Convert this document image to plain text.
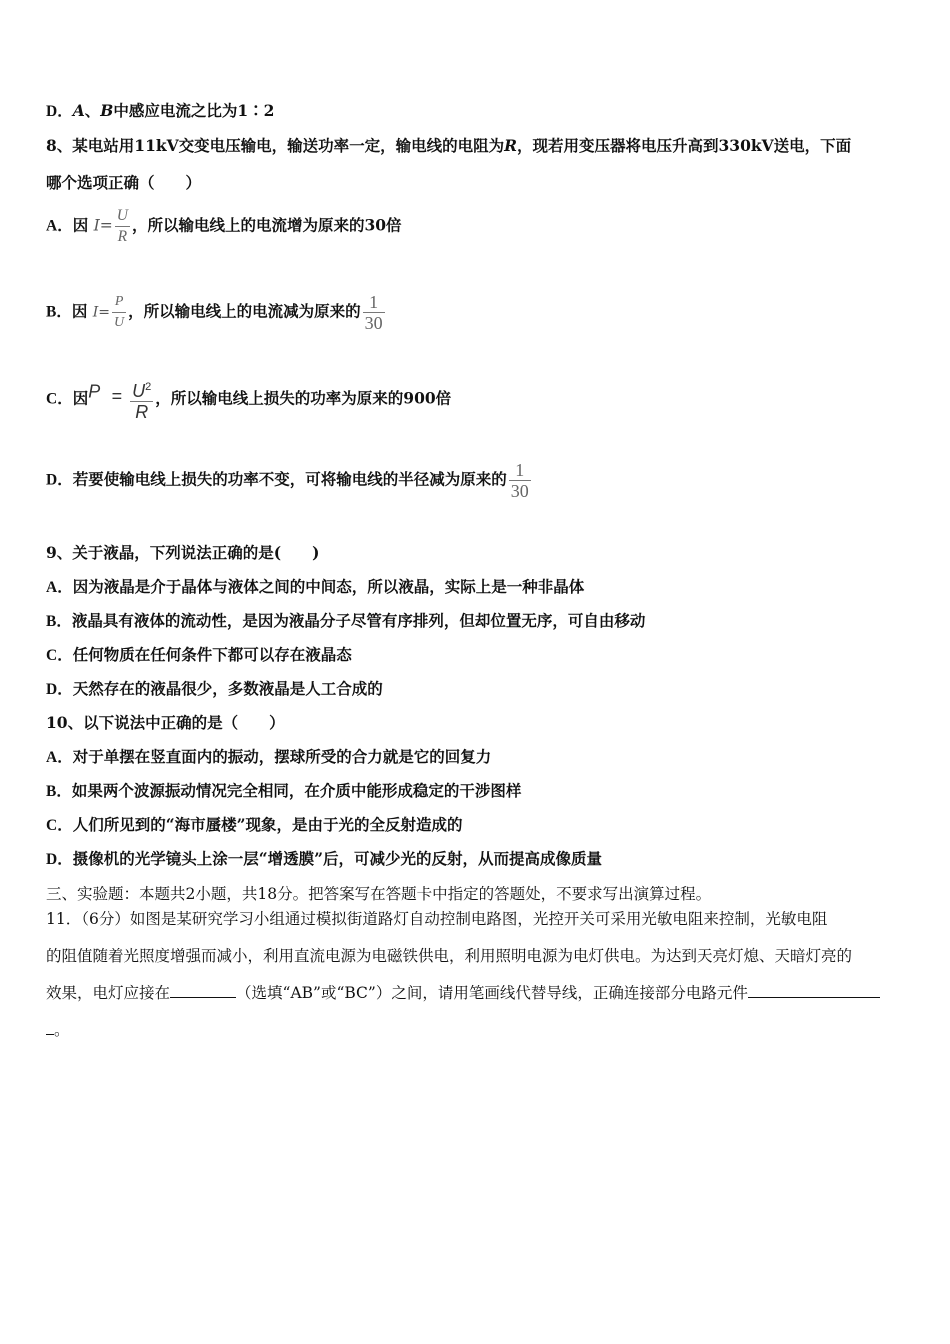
D．A、B中感应电流之比为1∶2
8、某电站用11kV交变电压输电，输送功率一定，输电线的电阻为R，现若用变压器将电压升高到330kV送电，下面
哪个选项正确（　　）
A．因 $I= \frac{U}{R}$ ，所以输电线上的电流增为原来的30倍
B．因 $I= \frac{P}{U}$ ，所以输电线上的电流减为原来的 $\frac{1}{30}$
C．因$P = \frac{U^2}{R}$ ，所以输电线上损失的功率为原来的900倍
D．若要使输电线上损失的功率不变，可将输电线的半径减为原来的 $\frac{1}{30}$
9、关于液晶，下列说法正确的是(　　)
A．因为液晶是介于晶体与液体之间的中间态，所以液晶，实际上是一种非晶体
B．液晶具有液体的流动性，是因为液晶分子尽管有序排列，但却位置无序，可自由移动
C．任何物质在任何条件下都可以存在液晶态
D．天然存在的液晶很少，多数液晶是人工合成的
10、以下说法中正确的是（　　）
A．对于单摆在竖直面内的振动，摆球所受的合力就是它的回复力
B．如果两个波源振动情况完全相同，在介质中能形成稳定的干涉图样
C．人们所见到的“海市蜃楼”现象，是由于光的全反射造成的
D．摄像机的光学镜头上涂一层“增透膜”后，可减少光的反射，从而提高成像质量
三、实验题：本题共2小题，共18分。把答案写在答题卡中指定的答题处，不要求写出演算过程。
11．（6分）如图是某研究学习小组通过模拟街道路灯自动控制电路图，光控开关可采用光敏电阻来控制，光敏电阻
的阻值随着光照度增强而减小，利用直流电源为电磁铁供电，利用照明电源为电灯供电。为达到天亮灯熄、天暗灯亮的
效果，电灯应接在	（选填“AB”或“BC”）之间，请用笔画线代替导线，正确连接部分电路元件
。
